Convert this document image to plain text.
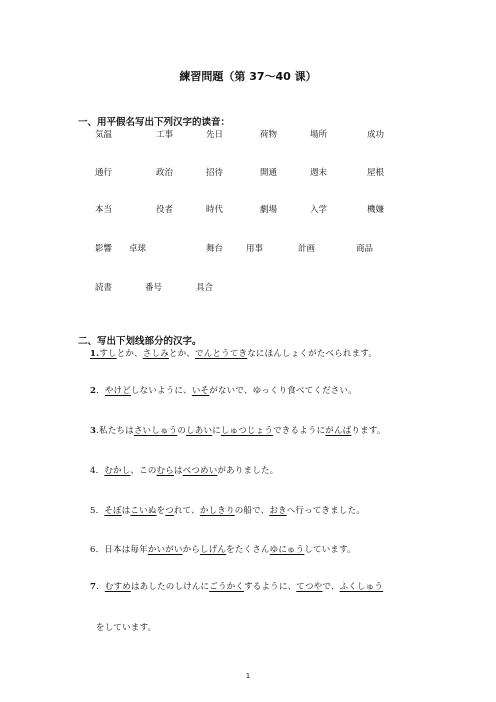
練習問題（第 37～40 课）
一、用平假名写出下列汉字的读音：
気温	工事	先日	荷物	場所	成功
通行	政治	招待	開通	週末	屋根
本当	役者	時代	劇場	入学	機嫌
影響 卓球	舞台	用事	計画	商品
読書	番号	具合
二、写出下划线部分的汉字。
1.すしとか、さしみとか、でんとうてきなにほんしょくがたべられます。
2．やけどしないように、いそがないで、ゆっくり食べてください。
3.私たちはさいしゅうのしあいにしゅつじょうできるようにがんばります。
4．むかし、このむらはべつめいがありました。
5．そぼはこいぬをつれて、かしきりの船で、おきへ行ってきました。
6．日本は毎年かいがいからしげんをたくさんゆにゅうしています。
7．むすめはあしたのしけんにごうかくするように、てつやで、ふくしゅう
をしています。
1
